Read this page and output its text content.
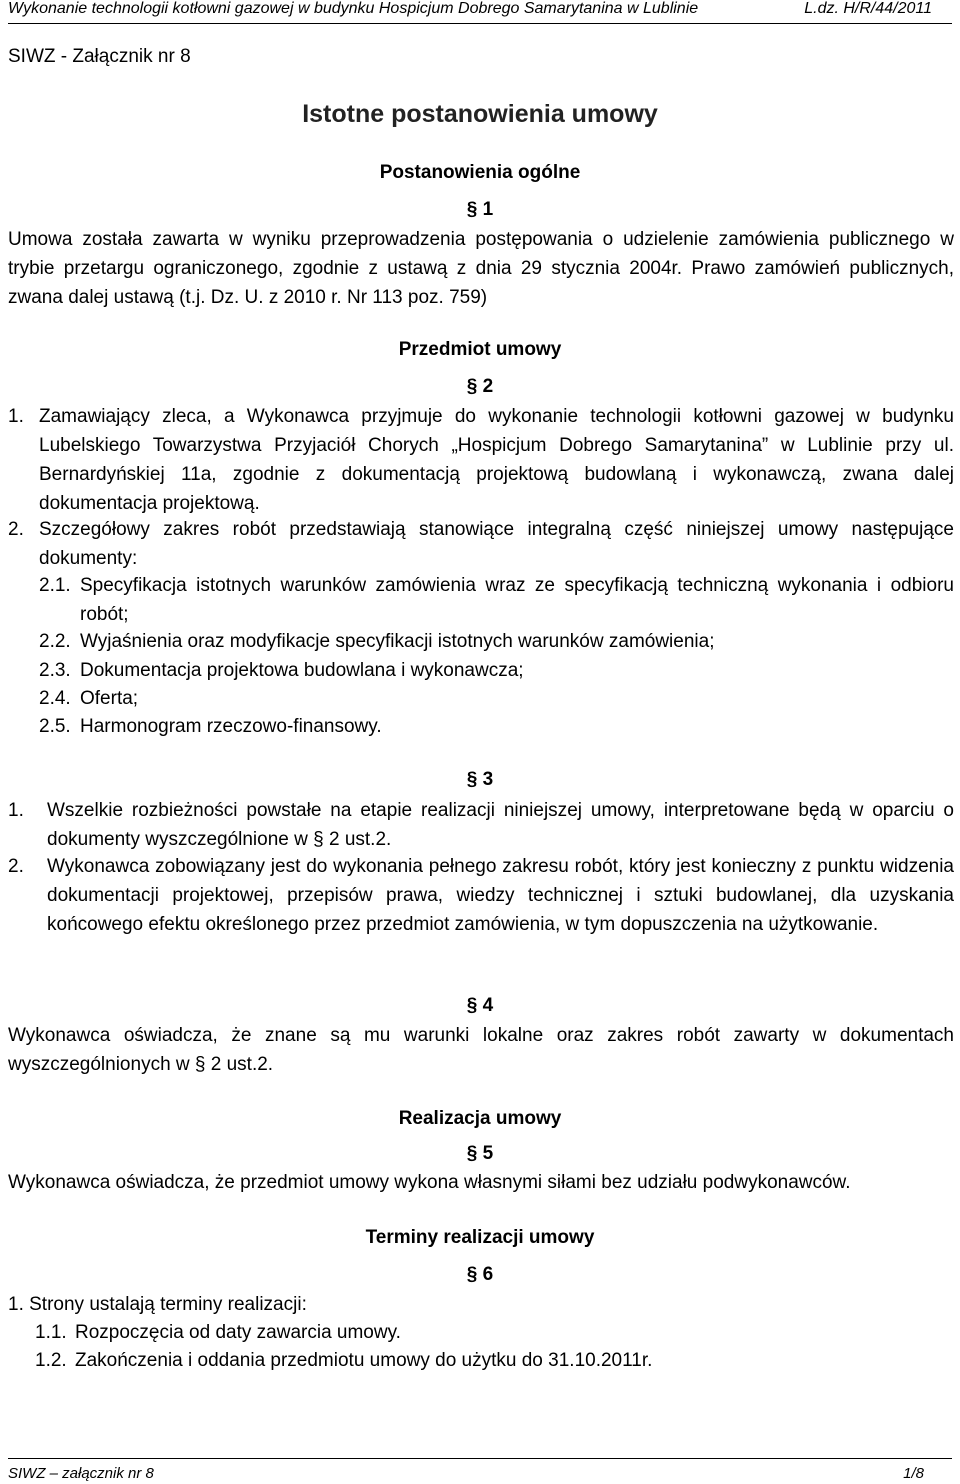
Wykonanie technologii kotłowni gazowej w budynku Hospicjum Dobrego Samarytanina w Lublinie	L.dz. H/R/44/2011
SIWZ - Załącznik nr 8
Istotne postanowienia umowy
Postanowienia ogólne
§ 1
Umowa została zawarta w wyniku przeprowadzenia postępowania o udzielenie zamówienia publicznego w trybie przetargu ograniczonego, zgodnie z ustawą z dnia 29 stycznia 2004r. Prawo zamówień publicznych, zwana dalej ustawą (t.j. Dz. U. z 2010 r. Nr 113 poz. 759)
Przedmiot umowy
§ 2
1. Zamawiający zleca, a Wykonawca przyjmuje do wykonanie technologii kotłowni gazowej w budynku Lubelskiego Towarzystwa Przyjaciół Chorych „Hospicjum Dobrego Samarytanina” w Lublinie przy ul. Bernardyńskiej 11a, zgodnie z dokumentacją projektową budowlaną i wykonawczą, zwana dalej dokumentacja projektową.
2. Szczegółowy zakres robót przedstawiają stanowiące integralną część niniejszej umowy następujące dokumenty:
2.1. Specyfikacja istotnych warunków zamówienia wraz ze specyfikacją techniczną wykonania i odbioru robót;
2.2. Wyjaśnienia oraz modyfikacje specyfikacji istotnych warunków zamówienia;
2.3. Dokumentacja projektowa budowlana i wykonawcza;
2.4. Oferta;
2.5. Harmonogram rzeczowo-finansowy.
§ 3
1.	Wszelkie rozbieżności powstałe na etapie realizacji niniejszej umowy, interpretowane będą w oparciu o dokumenty wyszczególnione w § 2 ust.2.
2.	Wykonawca zobowiązany jest do wykonania pełnego zakresu robót, który jest konieczny z punktu widzenia dokumentacji projektowej, przepisów prawa, wiedzy technicznej i sztuki budowlanej, dla uzyskania końcowego efektu określonego przez przedmiot zamówienia, w tym dopuszczenia na użytkowanie.
§ 4
Wykonawca oświadcza, że znane są mu warunki lokalne oraz zakres robót zawarty w dokumentach wyszczególnionych w § 2 ust.2.
Realizacja umowy
§ 5
Wykonawca oświadcza, że przedmiot umowy wykona własnymi siłami bez udziału podwykonawców.
Terminy realizacji umowy
§ 6
1. Strony ustalają terminy realizacji:
1.1. Rozpoczęcia od daty zawarcia umowy.
1.2. Zakończenia i oddania przedmiotu umowy do użytku do 31.10.2011r.
SIWZ – załącznik nr 8	1/8
